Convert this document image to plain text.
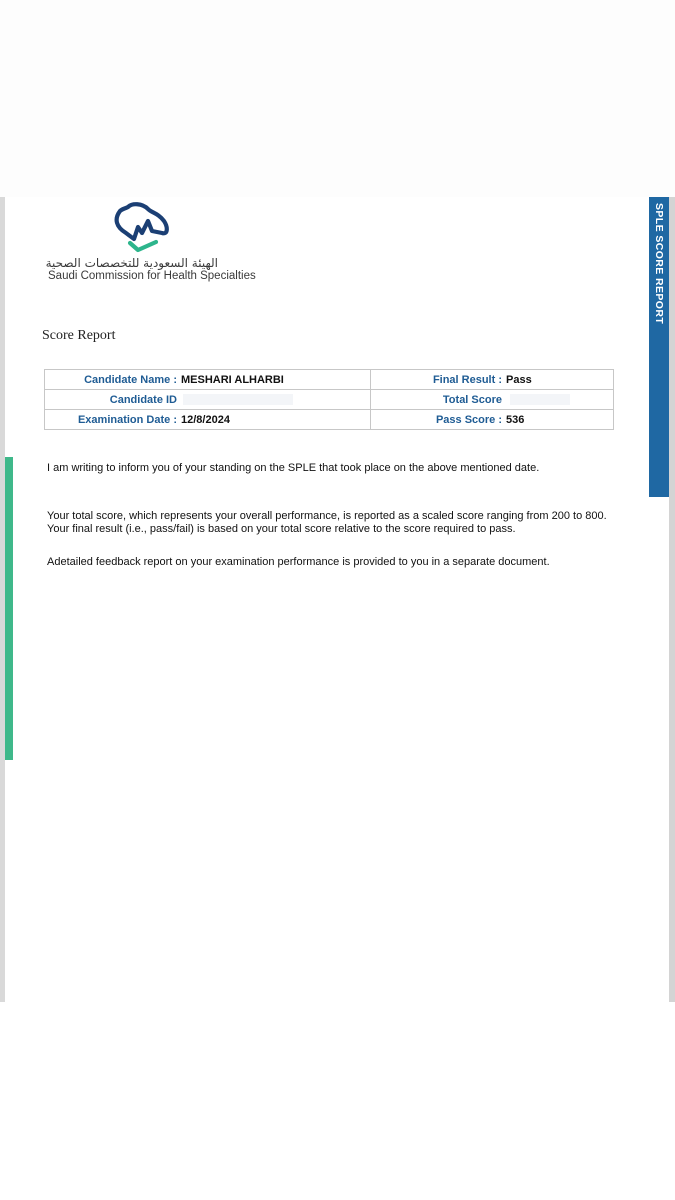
SPLE SCORE REPORT
الهيئة السعودية للتخصصات الصحية
Saudi Commission for Health Specialties
Score Report
Candidate Name : MESHARI ALHARBI	Final Result : Pass

Candidate ID	Total Score

Examination Date : 12/8/2024	Pass Score : 536

I am writing to inform you of your standing on the SPLE that took place on the above mentioned date.

Your total score, which represents your overall performance, is reported as a scaled score ranging from 200 to 800. Your final result (i.e., pass/fail) is based on your total score relative to the score required to pass.

Adetailed feedback report on your examination performance is provided to you in a separate document.
